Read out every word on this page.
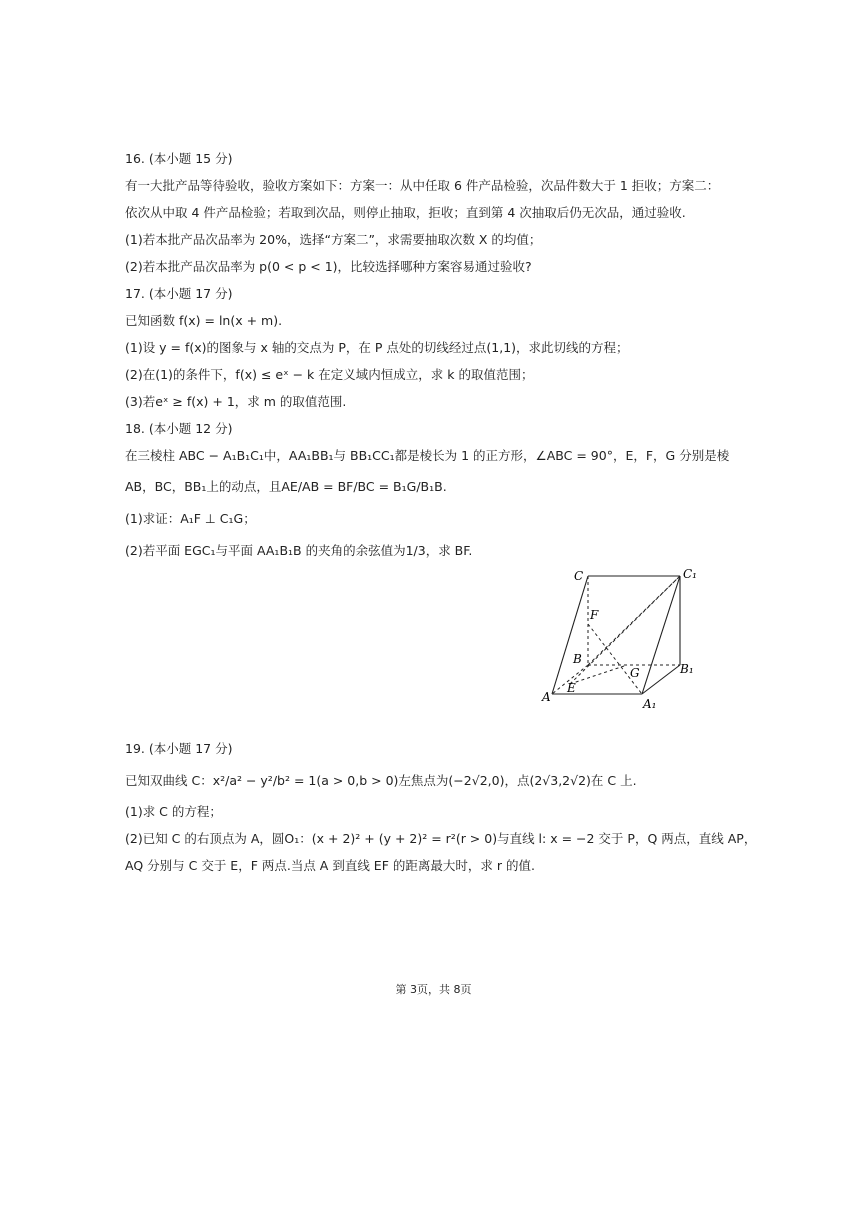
16. (本小题 15 分)
有一大批产品等待验收，验收方案如下：方案一：从中任取 6 件产品检验，次品件数大于 1 拒收；方案二：
依次从中取 4 件产品检验；若取到次品，则停止抽取，拒收；直到第 4 次抽取后仍无次品，通过验收.
(1)若本批产品次品率为 20%，选择“方案二”，求需要抽取次数 X 的均值；
(2)若本批产品次品率为 p(0 < p < 1)，比较选择哪种方案容易通过验收?
17. (本小题 17 分)
已知函数 f(x) = ln(x + m).
(1)设 y = f(x)的图象与 x 轴的交点为 P，在 P 点处的切线经过点(1,1)，求此切线的方程；
(2)在(1)的条件下，f(x) ≤ eˣ − k 在定义域内恒成立，求 k 的取值范围；
(3)若eˣ ≥ f(x) + 1，求 m 的取值范围.
18. (本小题 12 分)
在三棱柱 ABC − A₁B₁C₁中，AA₁BB₁与 BB₁CC₁都是棱长为 1 的正方形，∠ABC = 90°，E，F，G 分别是棱
AB，BC，BB₁上的动点，且AE/AB = BF/BC = B₁G/B₁B.
(1)求证：A₁F ⊥ C₁G；
(2)若平面 EGC₁与平面 AA₁B₁B 的夹角的余弦值为1/3，求 BF.
C	C₁
F
B
B₁
G
A
E
A₁
19. (本小题 17 分)
已知双曲线 C：x²/a² − y²/b² = 1(a > 0,b > 0)左焦点为(−2√2,0)，点(2√3,2√2)在 C 上.
(1)求 C 的方程；
(2)已知 C 的右顶点为 A，圆O₁：(x + 2)² + (y + 2)² = r²(r > 0)与直线 l: x = −2 交于 P，Q 两点，直线 AP，
AQ 分别与 C 交于 E，F 两点.当点 A 到直线 EF 的距离最大时，求 r 的值.
第 3页，共 8页
